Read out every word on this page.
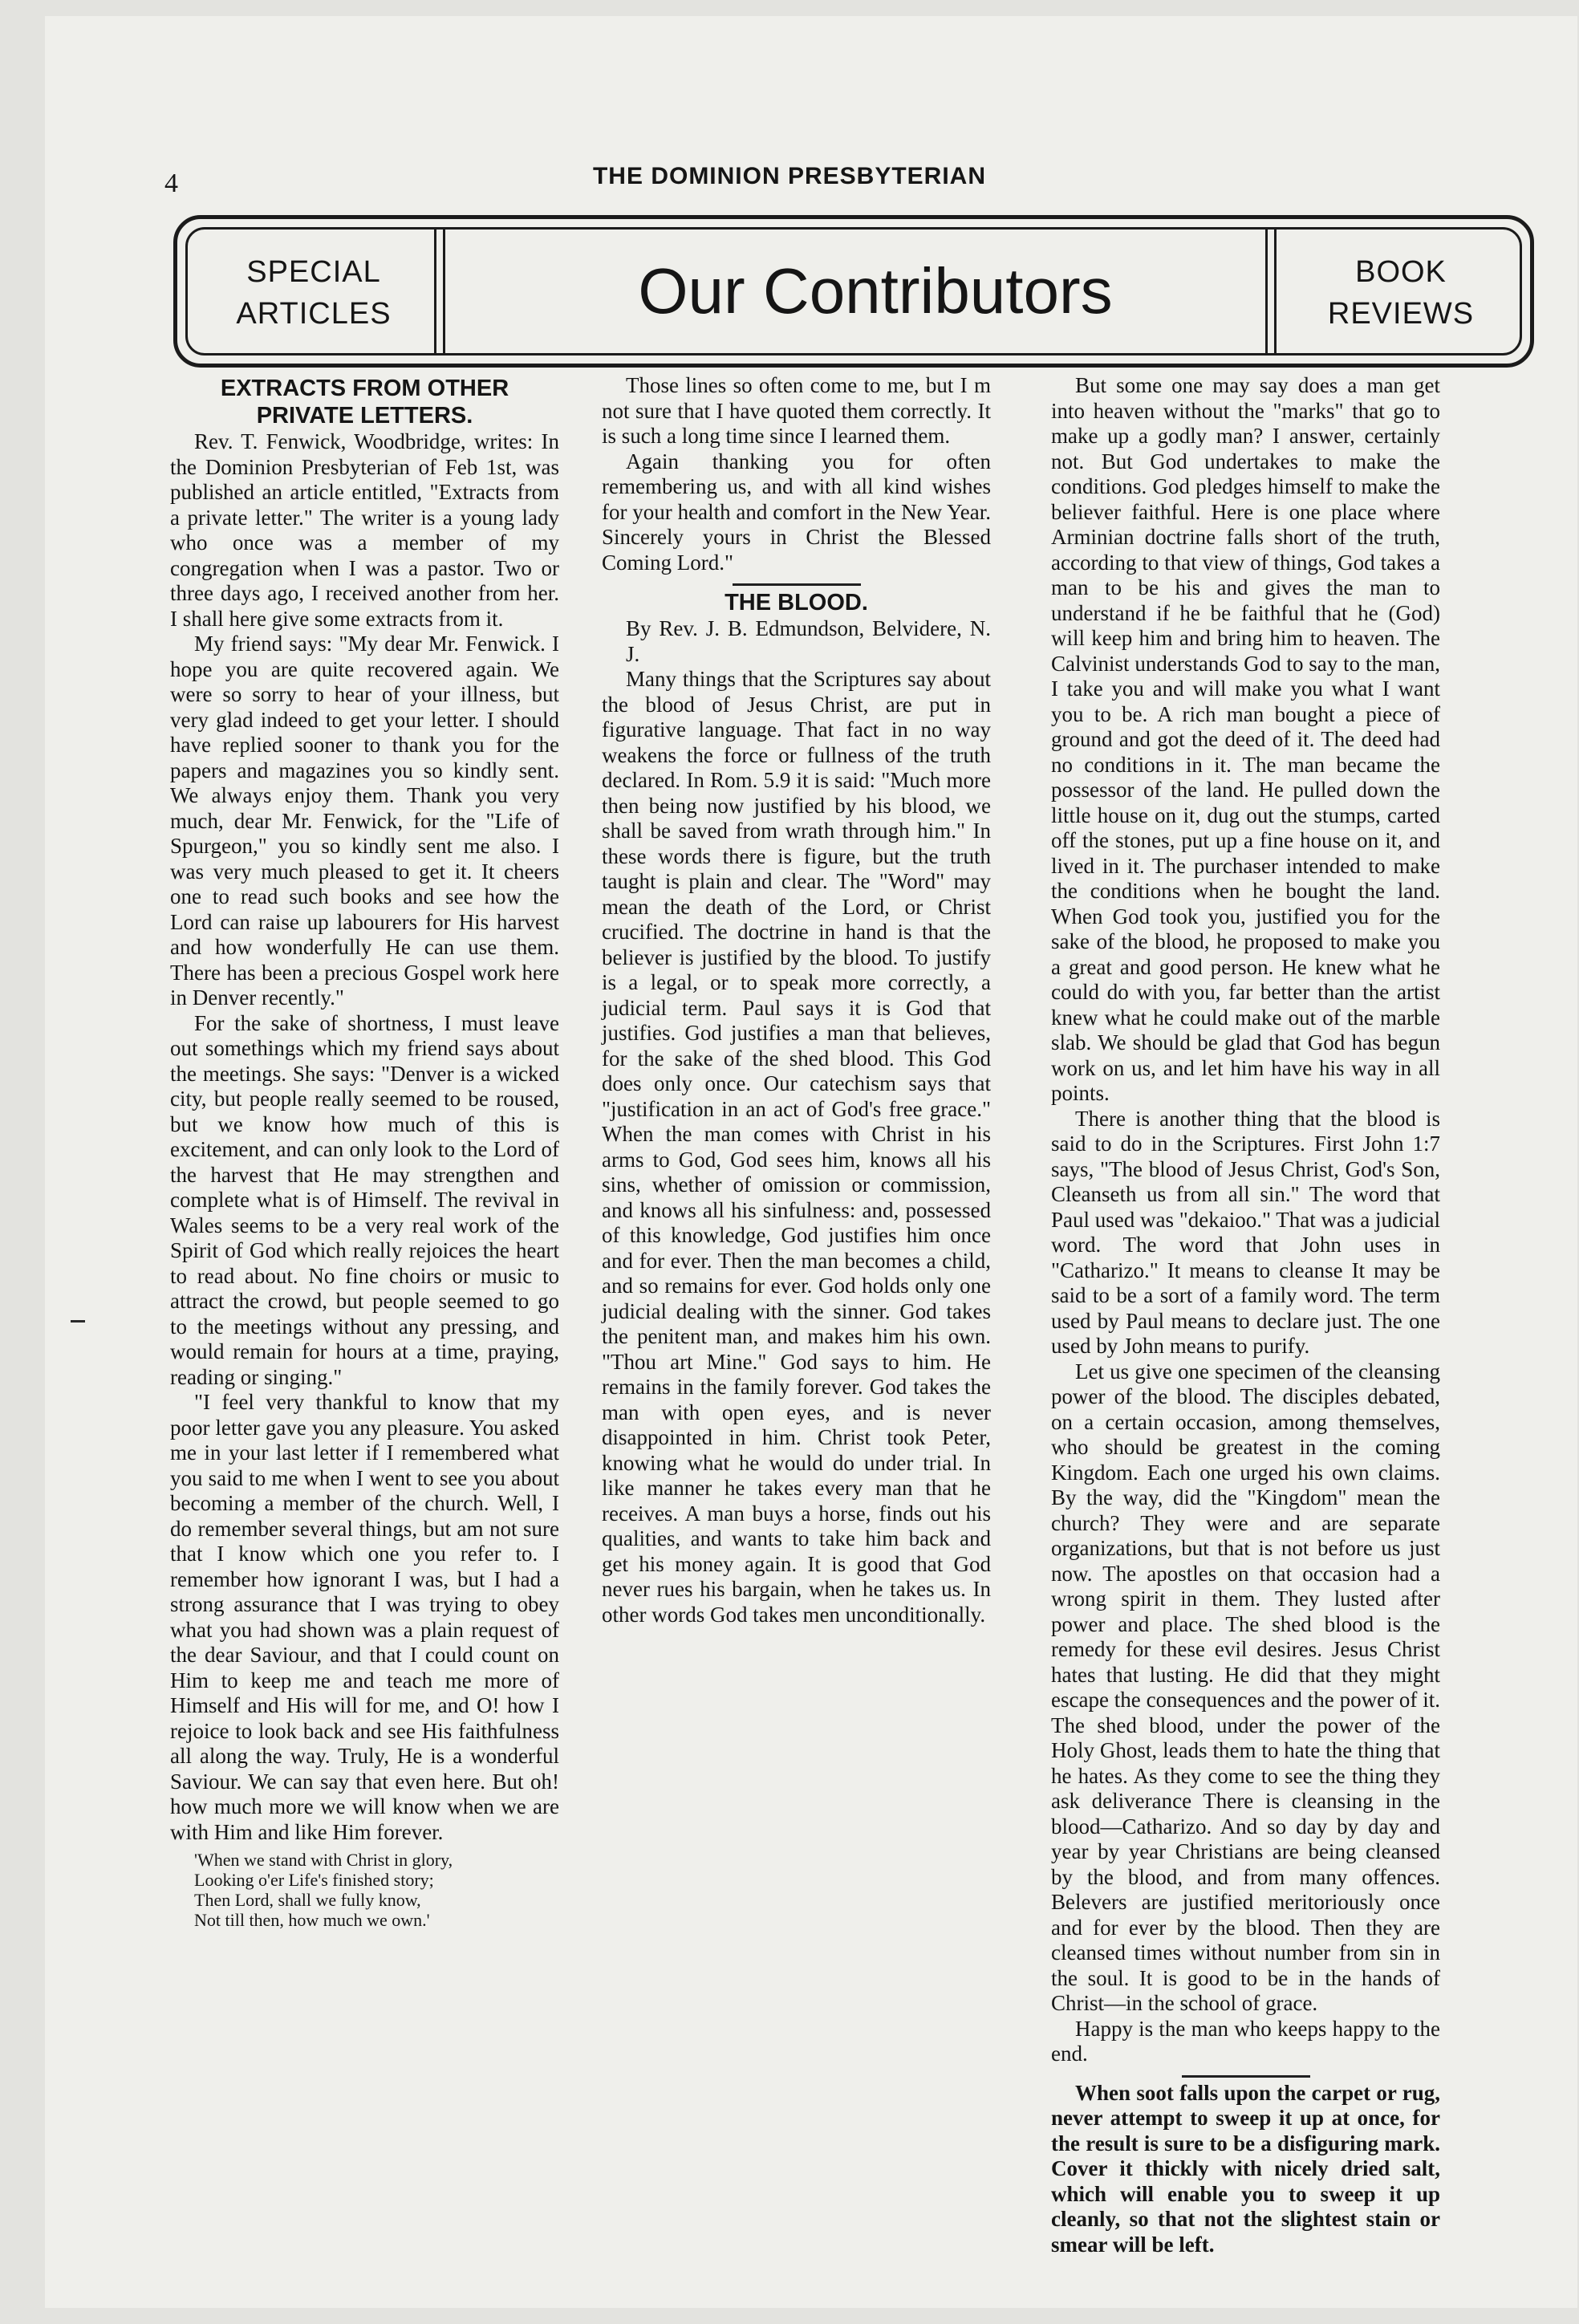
4	THE DOMINION PRESBYTERIAN
SPECIAL
ARTICLES	Our Contributors	BOOK
REVIEWS
EXTRACTS FROM OTHER PRIVATE LETTERS.

Rev. T. Fenwick, Woodbridge, writes: In the Dominion Presbyterian of Feb 1st, was published an article entitled, "Extracts from a private letter." The writer is a young lady who once was a member of my congregation when I was a pastor. Two or three days ago, I received another from her. I shall here give some extracts from it.

My friend says: "My dear Mr. Fenwick. I hope you are quite recovered again. We were so sorry to hear of your illness, but very glad indeed to get your letter. I should have replied sooner to thank you for the papers and magazines you so kindly sent. We always enjoy them. Thank you very much, dear Mr. Fenwick, for the "Life of Spurgeon," you so kindly sent me also. I was very much pleased to get it. It cheers one to read such books and see how the Lord can raise up labourers for His harvest and how wonderfully He can use them. There has been a precious Gospel work here in Denver recently."

For the sake of shortness, I must leave out somethings which my friend says about the meetings. She says: "Denver is a wicked city, but people really seemed to be roused, but we know how much of this is excitement, and can only look to the Lord of the harvest that He may strengthen and complete what is of Himself. The revival in Wales seems to be a very real work of the Spirit of God which really rejoices the heart to read about. No fine choirs or music to attract the crowd, but people seemed to go to the meetings without any pressing, and would remain for hours at a time, praying, reading or singing."

"I feel very thankful to know that my poor letter gave you any pleasure. You asked me in your last letter if I remembered what you said to me when I went to see you about becoming a member of the church. Well, I do remember several things, but am not sure that I know which one you refer to. I remember how ignorant I was, but I had a strong assurance that I was trying to obey what you had shown was a plain request of the dear Saviour, and that I could count on Him to keep me and teach me more of Himself and His will for me, and O! how I rejoice to look back and see His faithfulness all along the way. Truly, He is a wonderful Saviour. We can say that even here. But oh! how much more we will know when we are with Him and like Him forever.

'When we stand with Christ in glory,
Looking o'er Life's finished story;
Then Lord, shall we fully know,
Not till then, how much we own.'

Those lines so often come to me, but I m not sure that I have quoted them correctly. It is such a long time since I learned them.

Again thanking you for often remembering us, and with all kind wishes for your health and comfort in the New Year. Sincerely yours in Christ the Blessed Coming Lord."

THE BLOOD.

By Rev. J. B. Edmundson, Belvidere, N. J.

Many things that the Scriptures say about the blood of Jesus Christ, are put in figurative language. That fact in no way weakens the force or fullness of the truth declared. In Rom. 5.9 it is said: "Much more then being now justified by his blood, we shall be saved from wrath through him." In these words there is figure, but the truth taught is plain and clear. The "Word" may mean the death of the Lord, or Christ crucified. The doctrine in hand is that the believer is justified by the blood. To justify is a legal, or to speak more correctly, a judicial term. Paul says it is God that justifies. God justifies a man that believes, for the sake of the shed blood. This God does only once. Our catechism says that "justification in an act of God's free grace." When the man comes with Christ in his arms to God, God sees him, knows all his sins, whether of omission or commission, and knows all his sinfulness: and, possessed of this knowledge, God justifies him once and for ever. Then the man becomes a child, and so remains for ever. God holds only one judicial dealing with the sinner. God takes the penitent man, and makes him his own. "Thou art Mine." God says to him. He remains in the family forever. God takes the man with open eyes, and is never disappointed in him. Christ took Peter, knowing what he would do under trial. In like manner he takes every man that he receives. A man buys a horse, finds out his qualities, and wants to take him back and get his money again. It is good that God never rues his bargain, when he takes us. In other words God takes men unconditionally.

But some one may say does a man get into heaven without the "marks" that go to make up a godly man? I answer, certainly not. But God undertakes to make the conditions. God pledges himself to make the believer faithful. Here is one place where Arminian doctrine falls short of the truth, according to that view of things, God takes a man to be his and gives the man to understand if he be faithful that he (God) will keep him and bring him to heaven. The Calvinist understands God to say to the man, I take you and will make you what I want you to be. A rich man bought a piece of ground and got the deed of it. The deed had no conditions in it. The man became the possessor of the land. He pulled down the little house on it, dug out the stumps, carted off the stones, put up a fine house on it, and lived in it. The purchaser intended to make the conditions when he bought the land. When God took you, justified you for the sake of the blood, he proposed to make you a great and good person. He knew what he could do with you, far better than the artist knew what he could make out of the marble slab. We should be glad that God has begun work on us, and let him have his way in all points.

There is another thing that the blood is said to do in the Scriptures. First John 1:7 says, "The blood of Jesus Christ, God's Son, Cleanseth us from all sin." The word that Paul used was "dekaioo." That was a judicial word. The word that John uses in "Catharizo." It means to cleanse It may be said to be a sort of a family word. The term used by Paul means to declare just. The one used by John means to purify.

Let us give one specimen of the cleansing power of the blood. The disciples debated, on a certain occasion, among themselves, who should be greatest in the coming Kingdom. Each one urged his own claims. By the way, did the "Kingdom" mean the church? They were and are separate organizations, but that is not before us just now. The apostles on that occasion had a wrong spirit in them. They lusted after power and place. The shed blood is the remedy for these evil desires. Jesus Christ hates that lusting. He did that they might escape the consequences and the power of it. The shed blood, under the power of the Holy Ghost, leads them to hate the thing that he hates. As they come to see the thing they ask deliverance There is cleansing in the blood—Catharizo. And so day by day and year by year Christians are being cleansed by the blood, and from many offences. Belevers are justified meritoriously once and for ever by the blood. Then they are cleansed times without number from sin in the soul. It is good to be in the hands of Christ—in the school of grace.

Happy is the man who keeps happy to the end.

When soot falls upon the carpet or rug, never attempt to sweep it up at once, for the result is sure to be a disfiguring mark. Cover it thickly with nicely dried salt, which will enable you to sweep it up cleanly, so that not the slightest stain or smear will be left.
